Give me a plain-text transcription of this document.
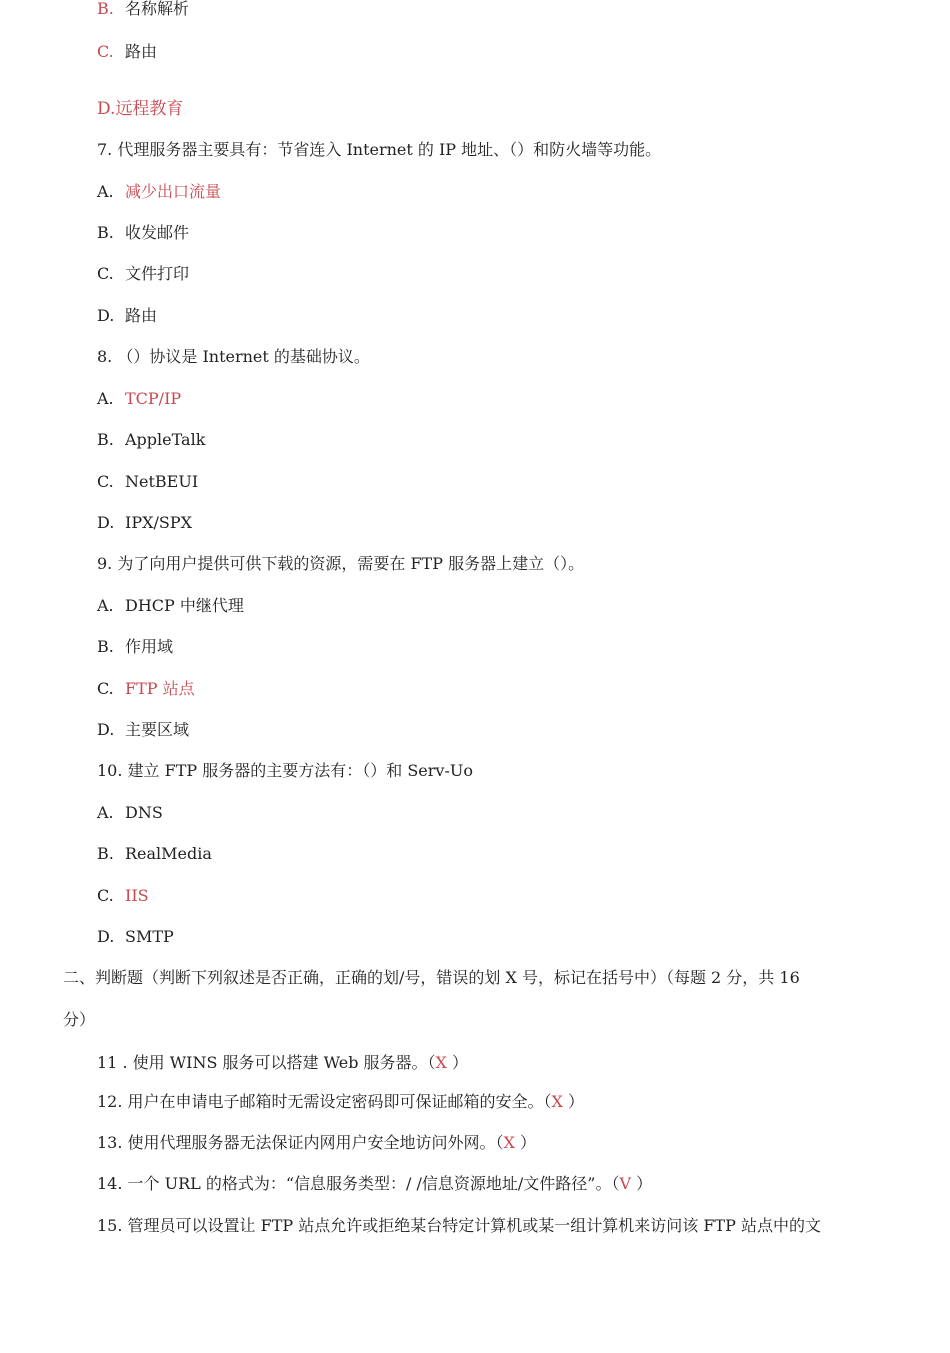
B. 名称解析
C. 路由
D.远程教育
7. 代理服务器主要具有：节省连入 Internet 的 IP 地址、（）和防火墙等功能。
A. 减少出口流量
B. 收发邮件
C. 文件打印
D. 路由
8. （）协议是 Internet 的基础协议。
A. TCP/IP
B. AppleTalk
C. NetBEUI
D. IPX/SPX
9. 为了向用户提供可供下载的资源，需要在 FTP 服务器上建立（）。
A. DHCP 中继代理
B. 作用域
C. FTP 站点
D. 主要区域
10. 建立 FTP 服务器的主要方法有：（）和 Serv-Uo
A. DNS
B. RealMedia
C. IIS
D. SMTP
二、判断题（判断下列叙述是否正确，正确的划/号，错误的划 X 号，标记在括号中）（每题 2 分，共 16
分）
11 . 使用 WINS 服务可以搭建 Web 服务器。（X ）
12. 用户在申请电子邮箱时无需设定密码即可保证邮箱的安全。（X ）
13. 使用代理服务器无法保证内网用户安全地访问外网。（X ）
14. 一个 URL 的格式为：“信息服务类型：/ /信息资源地址/文件路径”。（V ）
15. 管理员可以设置让 FTP 站点允许或拒绝某台特定计算机或某一组计算机来访问该 FTP 站点中的文
